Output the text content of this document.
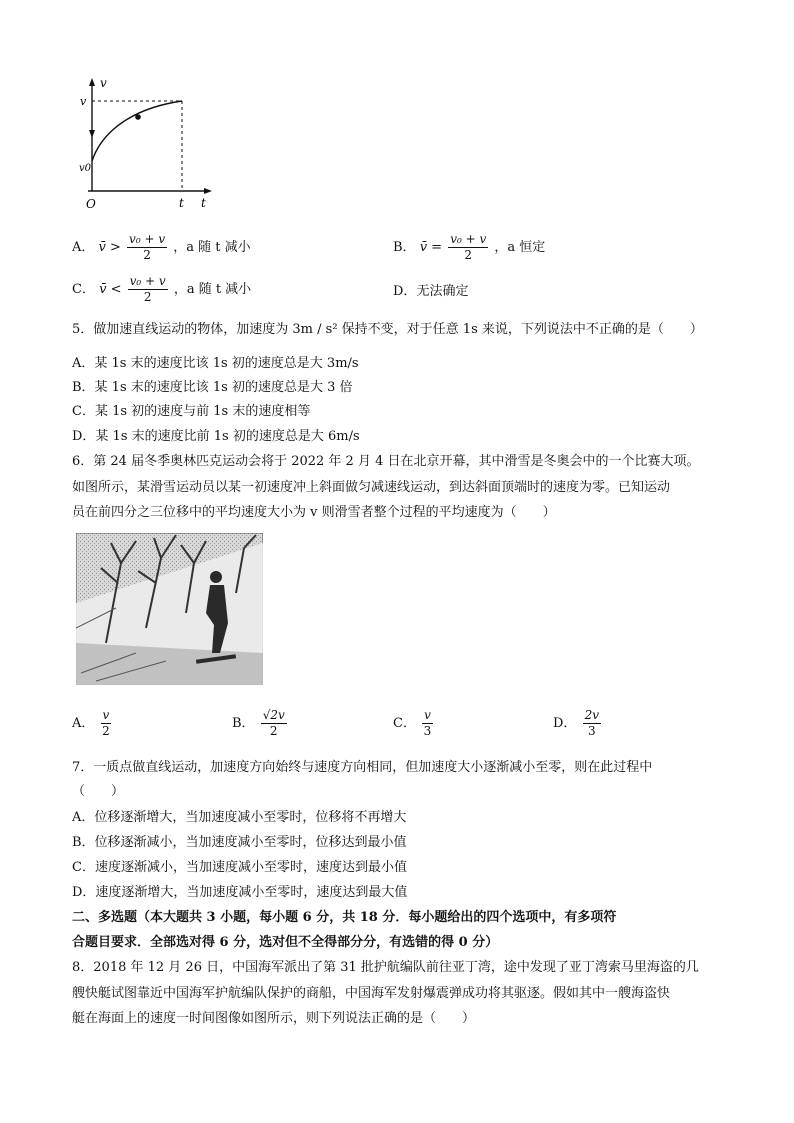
v
v
v0
O	t t
A． v̄ > $\frac{\text{v₀ + v}}{2}$ ，a 随 t 减小	B． v̄ = $\frac{\text{v₀ + v}}{2}$ ，a 恒定
C． v̄ < $\frac{\text{v₀ + v}}{2}$ ，a 随 t 减小	D．无法确定
5．做加速直线运动的物体，加速度为 3m / s² 保持不变，对于任意 1s 来说，下列说法中不正确的是（　　）
A．某 1s 末的速度比该 1s 初的速度总是大 3m/s
B．某 1s 末的速度比该 1s 初的速度总是大 3 倍
C．某 1s 初的速度与前 1s 末的速度相等
D．某 1s 末的速度比前 1s 初的速度总是大 6m/s
6．第 24 届冬季奥林匹克运动会将于 2022 年 2 月 4 日在北京开幕，其中滑雪是冬奥会中的一个比赛大项。
如图所示，某滑雪运动员以某一初速度冲上斜面做匀减速线运动，到达斜面顶端时的速度为零。已知运动
员在前四分之三位移中的平均速度大小为 v 则滑雪者整个过程的平均速度为（　　）
A． $\frac{v}{2}$	B． $\frac{√2v}{2}$	C． $\frac{v}{3}$	D． $\frac{2v}{3}$
7．一质点做直线运动，加速度方向始终与速度方向相同，但加速度大小逐渐减小至零，则在此过程中
（　　）
A．位移逐渐增大，当加速度减小至零时，位移将不再增大
B．位移逐渐减小，当加速度减小至零时，位移达到最小值
C．速度逐渐减小，当加速度减小至零时，速度达到最小值
D．速度逐渐增大，当加速度减小至零时，速度达到最大值
二、多选题（本大题共 3 小题，每小题 6 分，共 18 分．每小题给出的四个选项中，有多项符
合题目要求．全部选对得 6 分，选对但不全得部分分，有选错的得 0 分）
8．2018 年 12 月 26 日，中国海军派出了第 31 批护航编队前往亚丁湾，途中发现了亚丁湾索马里海盗的几
艘快艇试图靠近中国海军护航编队保护的商船，中国海军发射爆震弹成功将其驱逐。假如其中一艘海盗快
艇在海面上的速度一时间图像如图所示，则下列说法正确的是（　　）
